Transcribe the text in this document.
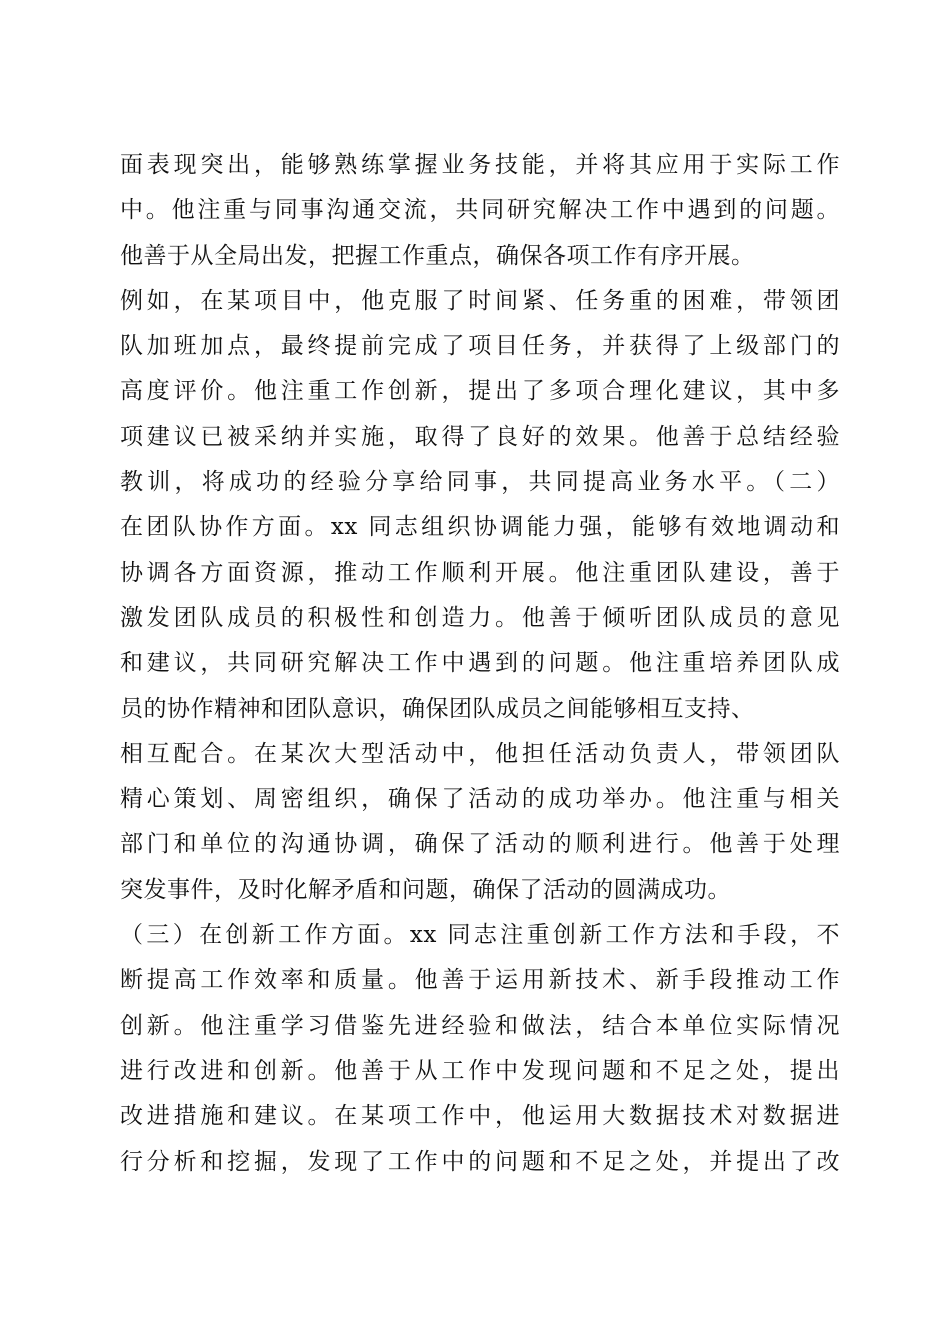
面表现突出，能够熟练掌握业务技能，并将其应用于实际工作
中。他注重与同事沟通交流，共同研究解决工作中遇到的问题。
他善于从全局出发，把握工作重点，确保各项工作有序开展。
例如，在某项目中，他克服了时间紧、任务重的困难，带领团
队加班加点，最终提前完成了项目任务，并获得了上级部门的
高度评价。他注重工作创新，提出了多项合理化建议，其中多
项建议已被采纳并实施，取得了良好的效果。他善于总结经验
教训，将成功的经验分享给同事，共同提高业务水平。（二）
在团队协作方面。xx 同志组织协调能力强，能够有效地调动和
协调各方面资源，推动工作顺利开展。他注重团队建设，善于
激发团队成员的积极性和创造力。他善于倾听团队成员的意见
和建议，共同研究解决工作中遇到的问题。他注重培养团队成
员的协作精神和团队意识，确保团队成员之间能够相互支持、
相互配合。在某次大型活动中，他担任活动负责人，带领团队
精心策划、周密组织，确保了活动的成功举办。他注重与相关
部门和单位的沟通协调，确保了活动的顺利进行。他善于处理
突发事件，及时化解矛盾和问题，确保了活动的圆满成功。
（三）在创新工作方面。xx 同志注重创新工作方法和手段，不
断提高工作效率和质量。他善于运用新技术、新手段推动工作
创新。他注重学习借鉴先进经验和做法，结合本单位实际情况
进行改进和创新。他善于从工作中发现问题和不足之处，提出
改进措施和建议。在某项工作中，他运用大数据技术对数据进
行分析和挖掘，发现了工作中的问题和不足之处，并提出了改
